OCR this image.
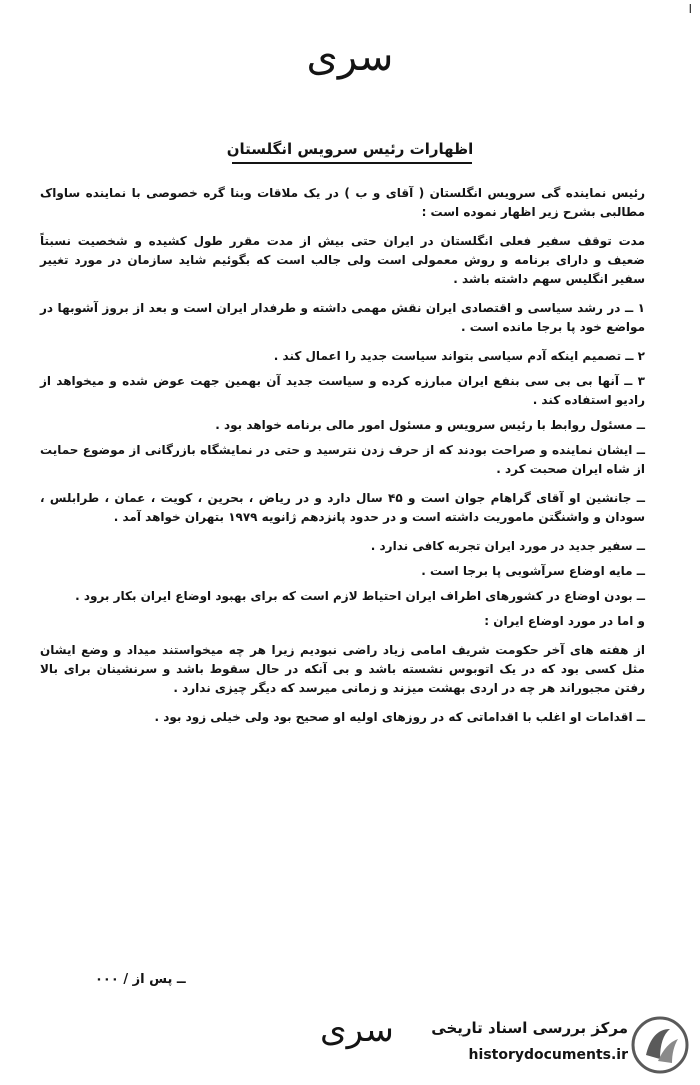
ا
سری
اظهارات رئیس سرویس انگلستان

رئیس نماینده گی سرویس انگلستان ( آقای و ب ) در یک ملاقات وبنا گره خصوصی با نماینده ساواک مطالبی بشرح زیر اظهار نموده است :

مدت توقف سفیر فعلی انگلستان در ایران حتی بیش از مدت مقرر طول کشیده و شخصیت نسبتاً ضعیف و دارای برنامه و روش معمولی است ولی جالب است که بگوئیم شاید سازمان در مورد تغییر سفیر انگلیس سهم داشته باشد .

۱ ــ در رشد سیاسی و اقتصادی ایران نقش مهمی داشته و طرفدار ایران است و بعد از بروز آشوبها در مواضع خود پا برجا مانده است .

۲ ــ تصمیم اینکه آدم سیاسی بتواند سیاست جدید را اعمال کند .

۳ ــ آنها بی بی سی بنفع ایران مبارزه کرده و سیاست جدید آن بهمین جهت عوض شده و میخواهد از رادیو استفاده کند .

ــ مسئول روابط با رئیس سرویس و مسئول امور مالی برنامه خواهد بود .

ــ ایشان نماینده و صراحت بودند که از حرف زدن نترسید و حتی در نمایشگاه بازرگانی از موضوع حمایت از شاه ایران صحبت کرد .

ــ جانشین او آقای گراهام جوان است و ۴۵ سال دارد و در ریاض ، بحرین ، کویت ، عمان ، طرابلس ، سودان و واشنگتن ماموریت داشته است و در حدود پانزدهم ژانویه ۱۹۷۹ بتهران خواهد آمد .

ــ سفیر جدید در مورد ایران تجربه کافی ندارد .

ــ مایه اوضاع سرآشوبی پا برجا است .

ــ بودن اوضاع در کشورهای اطراف ایران احتیاط لازم است که برای بهبود اوضاع ایران بکار برود .

و اما در مورد اوضاع ایران :

از هفته های آخر حکومت شریف امامی زیاد راضی نبودیم زیرا هر چه میخواستند میداد و وضع ایشان مثل کسی بود که در یک اتوبوس نشسته باشد و بی آنکه در حال سقوط باشد و سرنشینان برای بالا رفتن مجبوراند هر چه در اردی بهشت میزند و زمانی میرسد که دیگر چیزی ندارد .

ــ اقدامات او اغلب با اقداماتی که در روزهای اولیه او صحیح بود ولی خیلی زود بود .

ــ پس از / ۰۰۰
سری مرکز بررسی اسناد تاریخی
historydocuments.ir
